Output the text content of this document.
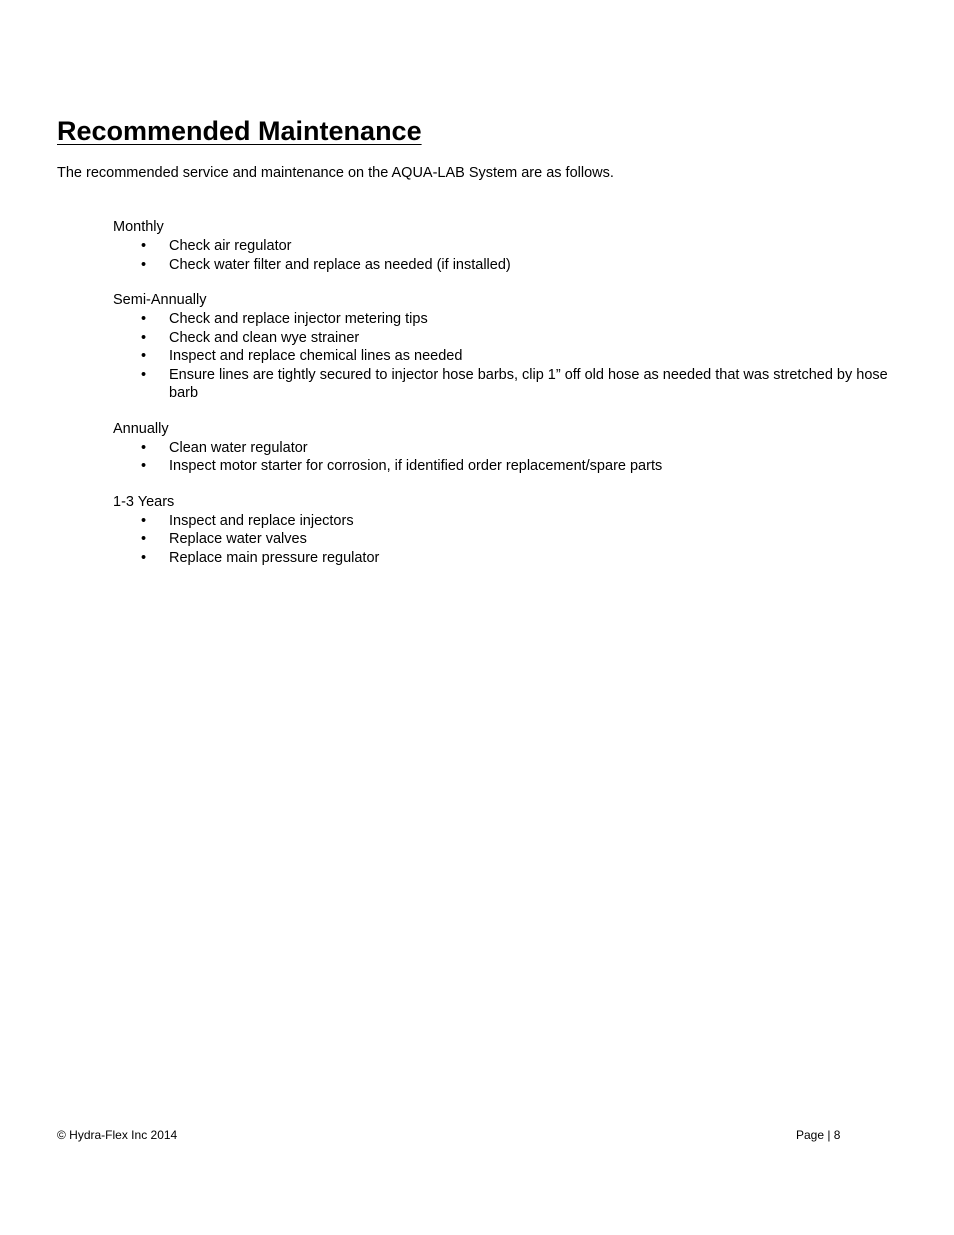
Recommended Maintenance

The recommended service and maintenance on the AQUA-LAB System are as follows.

Monthly
• Check air regulator
• Check water filter and replace as needed (if installed)
Semi-Annually
• Check and replace injector metering tips
• Check and clean wye strainer
• Inspect and replace chemical lines as needed
• Ensure lines are tightly secured to injector hose barbs, clip 1” off old hose as needed that was stretched by hose barb
Annually
• Clean water regulator
• Inspect motor starter for corrosion, if identified order replacement/spare parts
1-3 Years
• Inspect and replace injectors
• Replace water valves
• Replace main pressure regulator
© Hydra-Flex Inc 2014	Page | 8
